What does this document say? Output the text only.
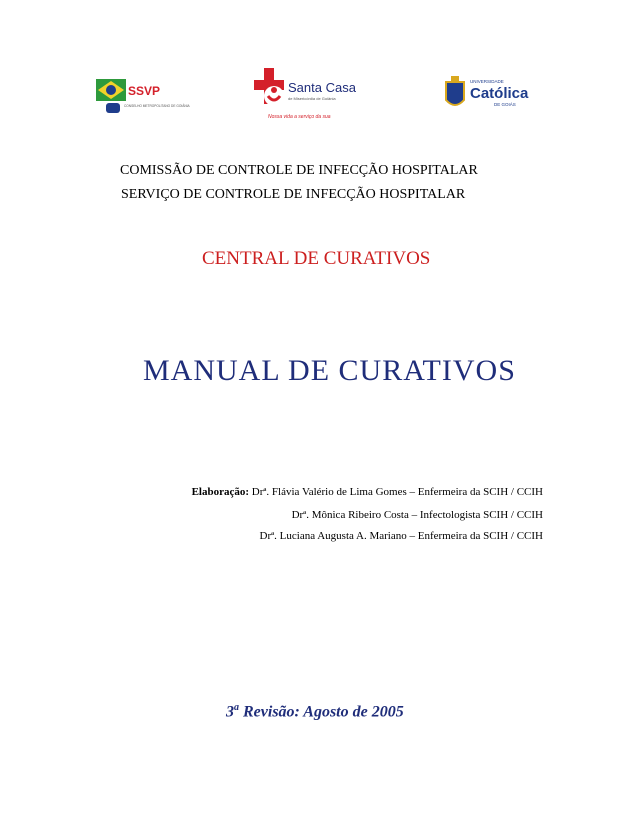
SSVP
CONSELHO METROPOLITANO DE GOIÂNIA
Santa Casa
de Misericórdia de Goiânia
Nossa vida a serviço da sua
UNIVERSIDADE
Católica
DE GOIÁS
COMISSÃO DE CONTROLE DE INFECÇÃO HOSPITALAR
SERVIÇO DE CONTROLE DE INFECÇÃO HOSPITALAR
CENTRAL DE CURATIVOS
MANUAL DE CURATIVOS
Elaboração: Drª. Flávia Valério de Lima Gomes – Enfermeira da SCIH / CCIH
Drª. Mônica Ribeiro Costa – Infectologista SCIH / CCIH
Drª. Luciana Augusta A. Mariano – Enfermeira da SCIH / CCIH
3$^a$ Revisão: Agosto de 2005
